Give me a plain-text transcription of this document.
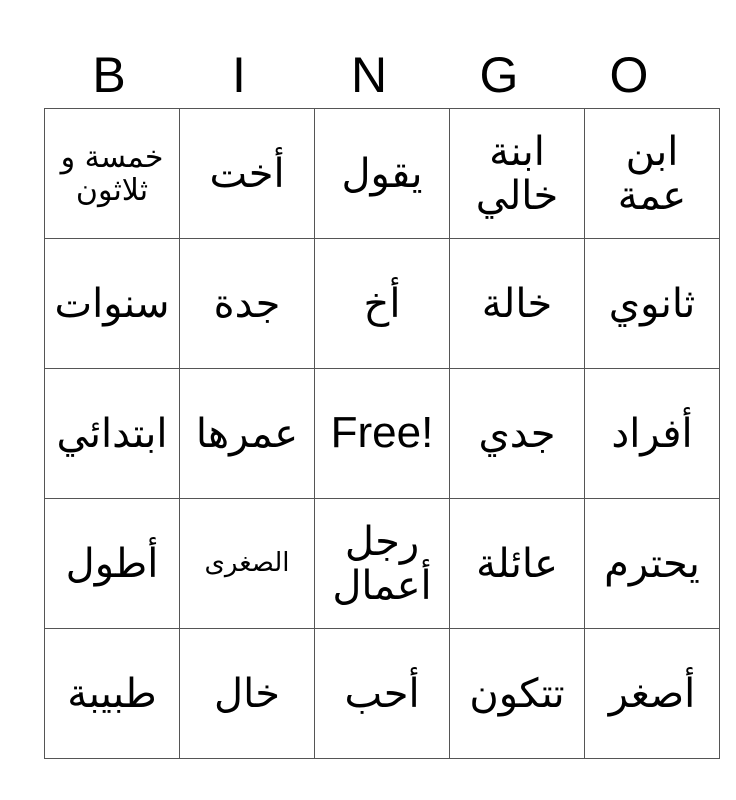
B	I	N	G	O
خمسة و ثلاثون	أخت	يقول	ابنة خالي	ابن عمة
سنوات	جدة	أخ	خالة	ثانوي
ابتدائي	عمرها	Free!	جدي	أفراد
أطول	الصغرى	رجل أعمال	عائلة	يحترم
طبيبة	خال	أحب	تتكون	أصغر
